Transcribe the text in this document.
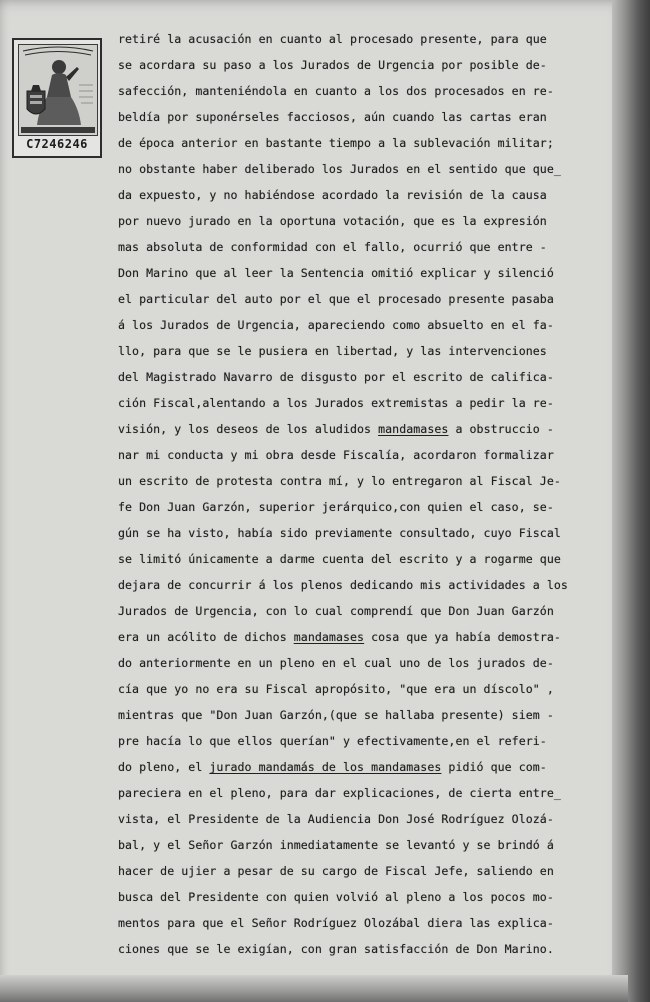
C7246246
retiré la acusación en cuanto al procesado presente, para que
se acordara su paso a los Jurados de Urgencia por posible de-
safección, manteniéndola en cuanto a los dos procesados en re-
beldía por suponérseles facciosos, aún cuando las cartas eran
de época anterior en bastante tiempo a la sublevación militar;
no obstante haber deliberado los Jurados en el sentido que que_
da expuesto, y no habiéndose acordado la revisión de la causa
por nuevo jurado en la oportuna votación, que es la expresión
mas absoluta de conformidad con el fallo, ocurrió que entre -
Don Marino que al leer la Sentencia omitió explicar y silenció
el particular del auto por el que el procesado presente pasaba
á los Jurados de Urgencia, apareciendo como absuelto en el fa-
llo, para que se le pusiera en libertad, y las intervenciones
del Magistrado Navarro de disgusto por el escrito de califica-
ción Fiscal,alentando a los Jurados extremistas a pedir la re-
visión, y los deseos de los aludidos mandamases a obstruccio -
nar mi conducta y mi obra desde Fiscalía, acordaron formalizar
un escrito de protesta contra mí, y lo entregaron al Fiscal Je-
fe Don Juan Garzón, superior jerárquico,con quien el caso, se-
gún se ha visto, había sido previamente consultado, cuyo Fiscal
se limitó únicamente a darme cuenta del escrito y a rogarme que
dejara de concurrir á los plenos dedicando mis actividades a los
Jurados de Urgencia, con lo cual comprendí que Don Juan Garzón
era un acólito de dichos mandamases cosa que ya había demostra-
do anteriormente en un pleno en el cual uno de los jurados de-
cía que yo no era su Fiscal apropósito, "que era un díscolo" ,
mientras que "Don Juan Garzón,(que se hallaba presente) siem -
pre hacía lo que ellos querían" y efectivamente,en el referi-
do pleno, el jurado mandamás de los mandamases pidió que com-
pareciera en el pleno, para dar explicaciones, de cierta entre_
vista, el Presidente de la Audiencia Don José Rodríguez Olozá-
bal, y el Señor Garzón inmediatamente se levantó y se brindó á
hacer de ujier a pesar de su cargo de Fiscal Jefe, saliendo en
busca del Presidente con quien volvió al pleno a los pocos mo-
mentos para que el Señor Rodríguez Olozábal diera las explica-
ciones que se le exigían, con gran satisfacción de Don Marino.
